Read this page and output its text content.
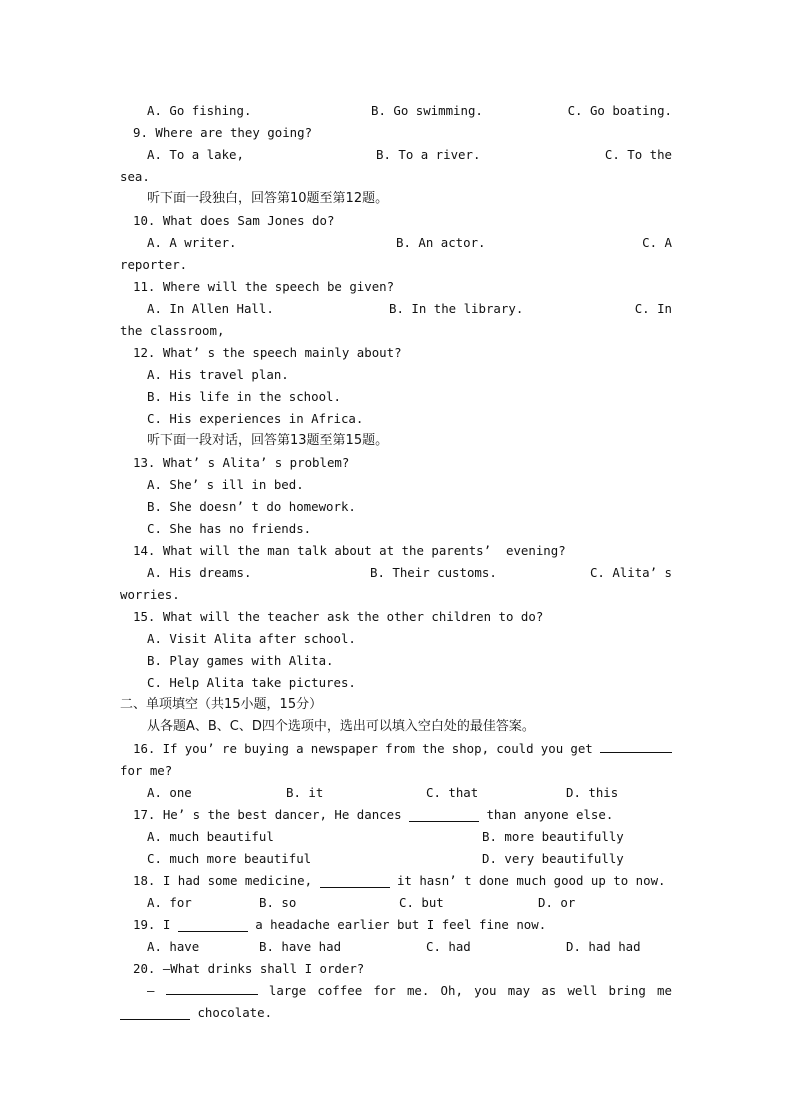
A. Go fishing.

	B. Go swimming.

	C. Go boating.

9. Where are they going?

A. To a lake,

	B. To a river.

	C. To the

sea.
听下面一段独白，回答第10题至第12题。
10. What does Sam Jones do?

A. A writer.

	B. An actor.

	C. A

reporter.
11. Where will the speech be given?

A. In Allen Hall.

	B. In the library.

	C. In

the classroom,
12. What’ s the speech mainly about?
A. His travel plan.
B. His life in the school.
C. His experiences in Africa.
听下面一段对话，回答第13题至第15题。
13. What’ s Alita’ s problem?
A. She’ s ill in bed.
B. She doesn’ t do homework.
C. She has no friends.
14. What will the man talk about at the parents’  evening?

A. His dreams.

	B. Their customs.

	C. Alita’ s

worries.
15. What will the teacher ask the other children to do?
A. Visit Alita after school.
B. Play games with Alita.
C. Help Alita take pictures.
二、单项填空（共15小题，15分）
从各题A、B、C、D四个选项中，选出可以填入空白处的最佳答案。
16. If you’ re buying a newspaper from the shop, could you get
for me?

A. one

	B. it

	C. that

	D. this

17. He’ s the best dancer, He dances	than anyone else.

A. much beautiful

	B. more beautifully

C. much more beautiful

	D. very beautifully

18. I had some medicine,	it hasn’ t done much good up to now.

A. for

	B. so

	C. but

	D. or

19. I	a headache earlier but I feel fine now.

A. have

	B. have had

	C. had

	D. had had

20. —What drinks shall I order?
—	large coffee for me. Oh, you may as well bring me
chocolate.
